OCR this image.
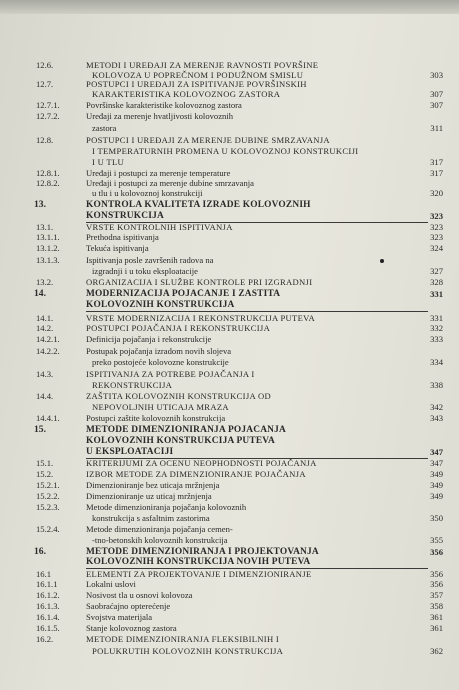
12.6.	METODI I UREĐAJI ZA MERENJE RAVNOSTI POVRŠINE
KOLOVOZA U POPREČNOM I PODUŽNOM SMISLU	303
12.7.	POSTUPCI I UREĐAJI ZA ISPITIVANJE POVRŠINSKIH
KARAKTERISTIKA KOLOVOZNOG ZASTORA	307
12.7.1.	Površinske karakteristike kolovoznog zastora	307
12.7.2.	Uređaji za merenje hvatljivosti kolovoznih
zastora	311
12.8.	POSTUPCI I UREĐAJI ZA MERENJE DUBINE SMRZAVANJA
I TEMPERATURNIH PROMENA U KOLOVOZNOJ KONSTRUKCIJI
I U TLU	317
12.8.1.	Uređaji i postupci za merenje temperature	317
12.8.2.	Uređaji i postupci za merenje dubine smrzavanja
u tlu i u kolovoznoj konstrukciji	320
13.	KONTROLA KVALITETA IZRADE KOLOVOZNIH
KONSTRUKCIJA	323
13.1.	VRSTE KONTROLNIH ISPITIVANJA	323
13.1.1.	Prethodna ispitivanja	323
13.1.2.	Tekuća ispitivanja	324
13.1.3.	Ispitivanja posle završenih radova na
izgradnji i u toku eksploatacije	327
13.2.	ORGANIZACIJA I SLUŽBE KONTROLE PRI IZGRADNJI	328
14.	MODERNIZACIJA POJAČANJE I ZAŠTITA	331
KOLOVOZNIH KONSTRUKCIJA
14.1.	VRSTE MODERNIZACIJA I REKONSTRUKCIJA PUTEVA	331
14.2.	POSTUPCI POJAČANJA I REKONSTRUKCIJA	332
14.2.1.	Definicija pojačanja i rekonstrukcije	333
14.2.2.	Postupak pojačanja izradom novih slojeva
preko postojeće kolovozne konstrukcije	334
14.3.	ISPITIVANJA ZA POTREBE POJAČANJA I
REKONSTRUKCIJA	338
14.4.	ZAŠTITA KOLOVOZNIH KONSTRUKCIJA OD
NEPOVOLJNIH UTICAJA MRAZA	342
14.4.1.	Postupci zaštite kolovoznih konstrukcija	343
15.	METODE DIMENZIONIRANJA POJAČANJA
KOLOVOZNIH KONSTRUKCIJA PUTEVA
U EKSPLOATACIJI	347
15.1.	KRITERIJUMI ZA OCENU NEOPHODNOSTI POJAČANJA	347
15.2.	IZBOR METODE ZA DIMENZIONIRANJE POJAČANJA	349
15.2.1.	Dimenzioniranje bez uticaja mržnjenja	349
15.2.2.	Dimenzioniranje uz uticaj mržnjenja	349
15.2.3.	Metode dimenzioniranja pojačanja kolovoznih
konstrukcija s asfaltnim zastorima	350
15.2.4.	Metode dimenzioniranja pojačanja cemen-
-tno-betonskih kolovoznih konstrukcija	355
16.	METODE DIMENZIONIRANJA I PROJEKTOVANJA	356
KOLOVOZNIH KONSTRUKCIJA NOVIH PUTEVA
16.1	ELEMENTI ZA PROJEKTOVANJE I DIMENZIONIRANJE	356
16.1.1	Lokalni uslovi	356
16.1.2.	Nosivost tla u osnovi kolovoza	357
16.1.3.	Saobraćajno opterećenje	358
16.1.4.	Svojstva materijala	361
16.1.5.	Stanje kolovoznog zastora	361
16.2.	METODE DIMENZIONIRANJA FLEKSIBILNIH I
POLUKRUTIH KOLOVOZNIH KONSTRUKCIJA	362
